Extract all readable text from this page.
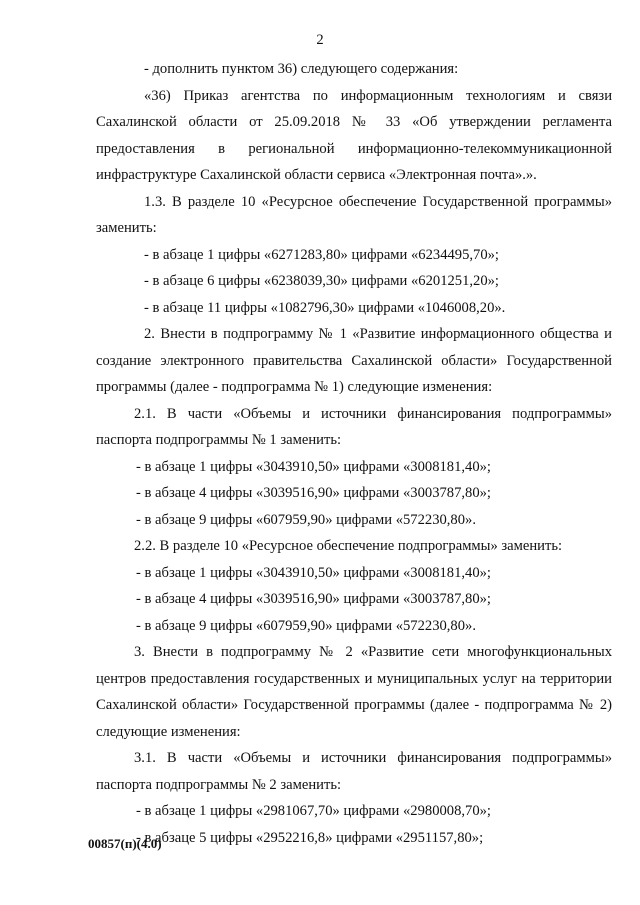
2

- дополнить пунктом 36) следующего содержания:

«36) Приказ агентства по информационным технологиям и связи Сахалинской области от 25.09.2018 № 33 «Об утверждении регламента предоставления в региональной информационно-телекоммуникационной инфраструктуре Сахалинской области сервиса «Электронная почта».».

1.3. В разделе 10 «Ресурсное обеспечение Государственной программы» заменить:

- в абзаце 1 цифры «6271283,80» цифрами «6234495,70»;

- в абзаце 6 цифры «6238039,30» цифрами «6201251,20»;

- в абзаце 11 цифры «1082796,30» цифрами «1046008,20».

2. Внести в подпрограмму № 1 «Развитие информационного общества и создание электронного правительства Сахалинской области» Государственной программы (далее - подпрограмма № 1) следующие изменения:

2.1. В части «Объемы и источники финансирования подпрограммы» паспорта подпрограммы № 1 заменить:

- в абзаце 1 цифры «3043910,50» цифрами «3008181,40»;

- в абзаце 4 цифры «3039516,90» цифрами «3003787,80»;

- в абзаце 9 цифры «607959,90» цифрами «572230,80».

2.2. В разделе 10 «Ресурсное обеспечение подпрограммы» заменить:

- в абзаце 1 цифры «3043910,50» цифрами «3008181,40»;

- в абзаце 4 цифры «3039516,90» цифрами «3003787,80»;

- в абзаце 9 цифры «607959,90» цифрами «572230,80».

3. Внести в подпрограмму № 2 «Развитие сети многофункциональных центров предоставления государственных и муниципальных услуг на территории Сахалинской области» Государственной программы (далее - подпрограмма № 2) следующие изменения:

3.1. В части «Объемы и источники финансирования подпрограммы» паспорта подпрограммы № 2 заменить:

- в абзаце 1 цифры «2981067,70» цифрами «2980008,70»;

- в абзаце 5 цифры «2952216,8» цифрами «2951157,80»;

00857(п)(4.0)
